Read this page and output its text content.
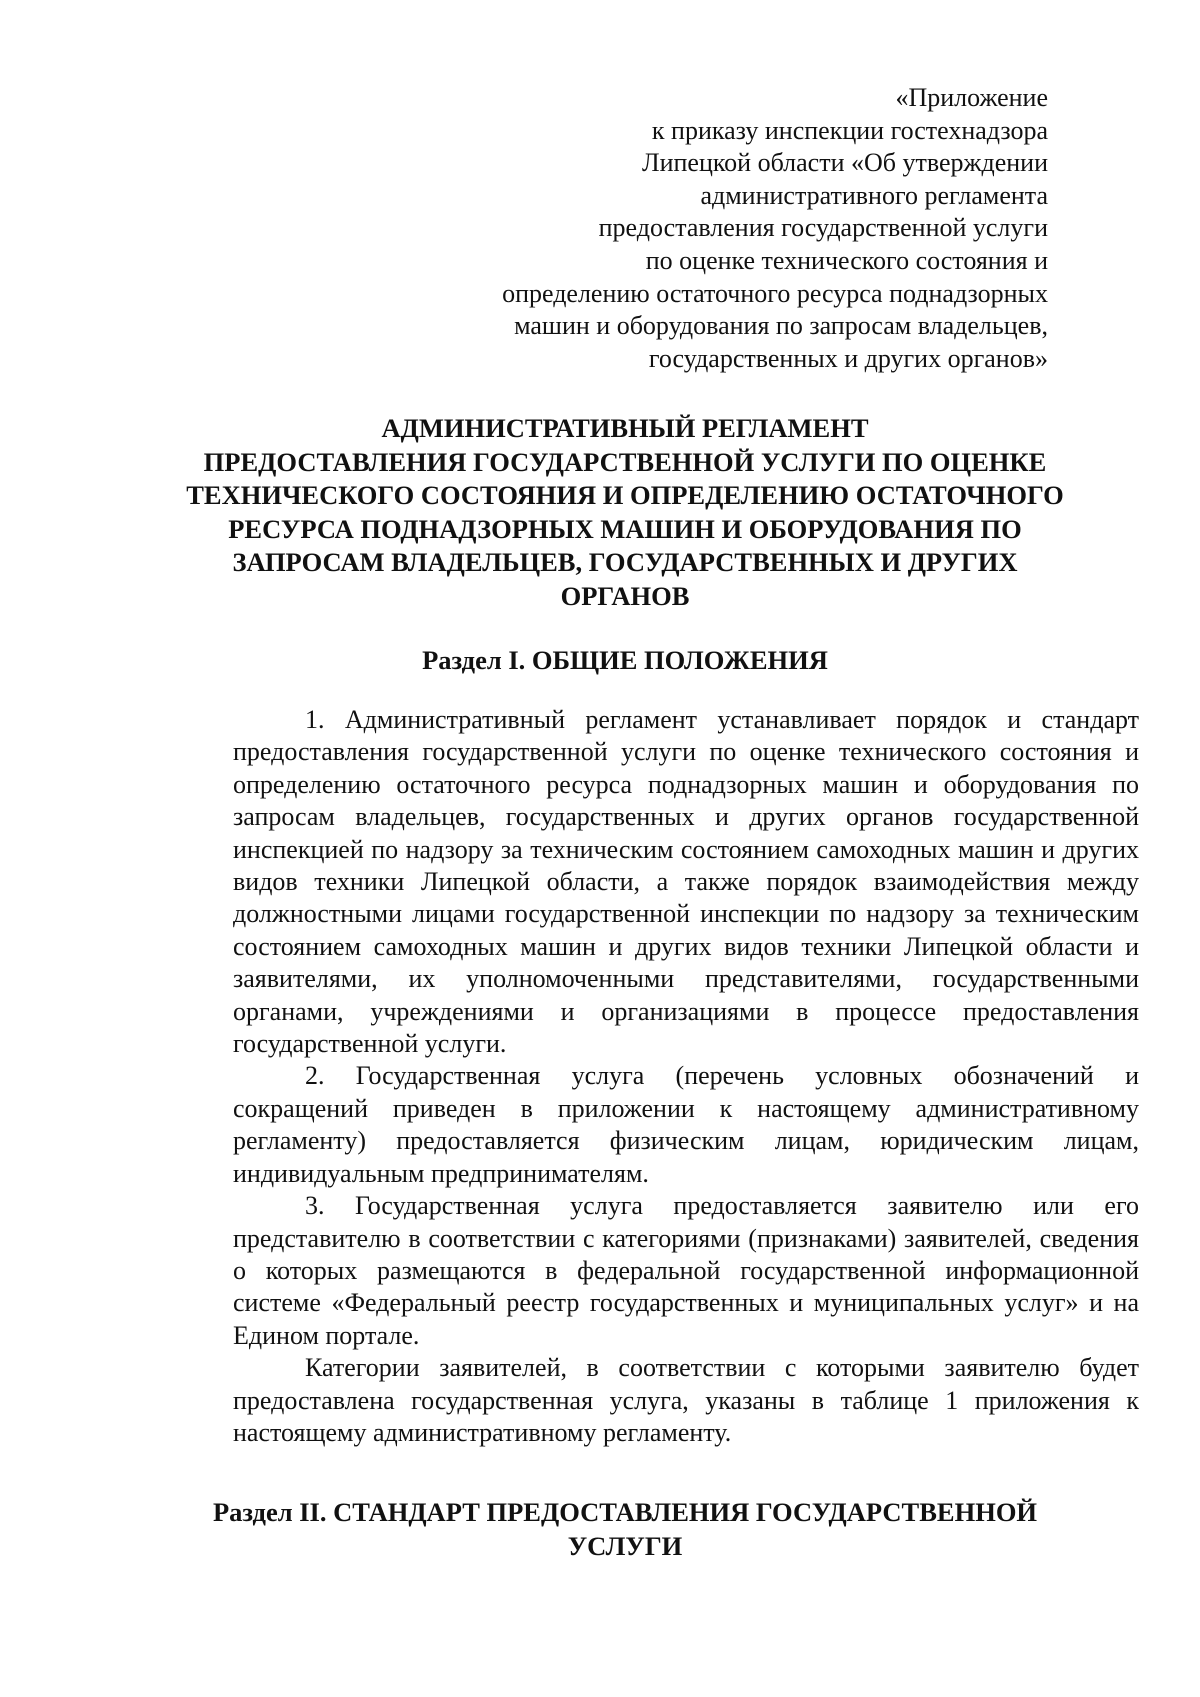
«Приложение
к приказу инспекции гостехнадзора
Липецкой области «Об утверждении
административного регламента
предоставления государственной услуги
по оценке технического состояния и
определению остаточного ресурса поднадзорных
машин и оборудования по запросам владельцев,
государственных и других органов»
АДМИНИСТРАТИВНЫЙ РЕГЛАМЕНТ
ПРЕДОСТАВЛЕНИЯ ГОСУДАРСТВЕННОЙ УСЛУГИ ПО ОЦЕНКЕ
ТЕХНИЧЕСКОГО СОСТОЯНИЯ И ОПРЕДЕЛЕНИЮ ОСТАТОЧНОГО
РЕСУРСА ПОДНАДЗОРНЫХ МАШИН И ОБОРУДОВАНИЯ ПО
ЗАПРОСАМ ВЛАДЕЛЬЦЕВ, ГОСУДАРСТВЕННЫХ И ДРУГИХ
ОРГАНОВ
Раздел I. ОБЩИЕ ПОЛОЖЕНИЯ
1. Административный регламент устанавливает порядок и стандарт
предоставления государственной услуги по оценке технического состояния и
определению остаточного ресурса поднадзорных машин и оборудования по
запросам владельцев, государственных и других органов государственной
инспекцией по надзору за техническим состоянием самоходных машин и других
видов техники Липецкой области, а также порядок взаимодействия между
должностными лицами государственной инспекции по надзору за техническим
состоянием самоходных машин и других видов техники Липецкой области и
заявителями, их уполномоченными представителями, государственными
органами, учреждениями и организациями в процессе предоставления
государственной услуги.
2. Государственная услуга (перечень условных обозначений и
сокращений приведен в приложении к настоящему административному
регламенту) предоставляется физическим лицам, юридическим лицам,
индивидуальным предпринимателям.
3. Государственная услуга предоставляется заявителю или его
представителю в соответствии с категориями (признаками) заявителей, сведения
о которых размещаются в федеральной государственной информационной
системе «Федеральный реестр государственных и муниципальных услуг» и на
Едином портале.
Категории заявителей, в соответствии с которыми заявителю будет
предоставлена государственная услуга, указаны в таблице 1 приложения к
настоящему административному регламенту.
Раздел II. СТАНДАРТ ПРЕДОСТАВЛЕНИЯ ГОСУДАРСТВЕННОЙ
УСЛУГИ
